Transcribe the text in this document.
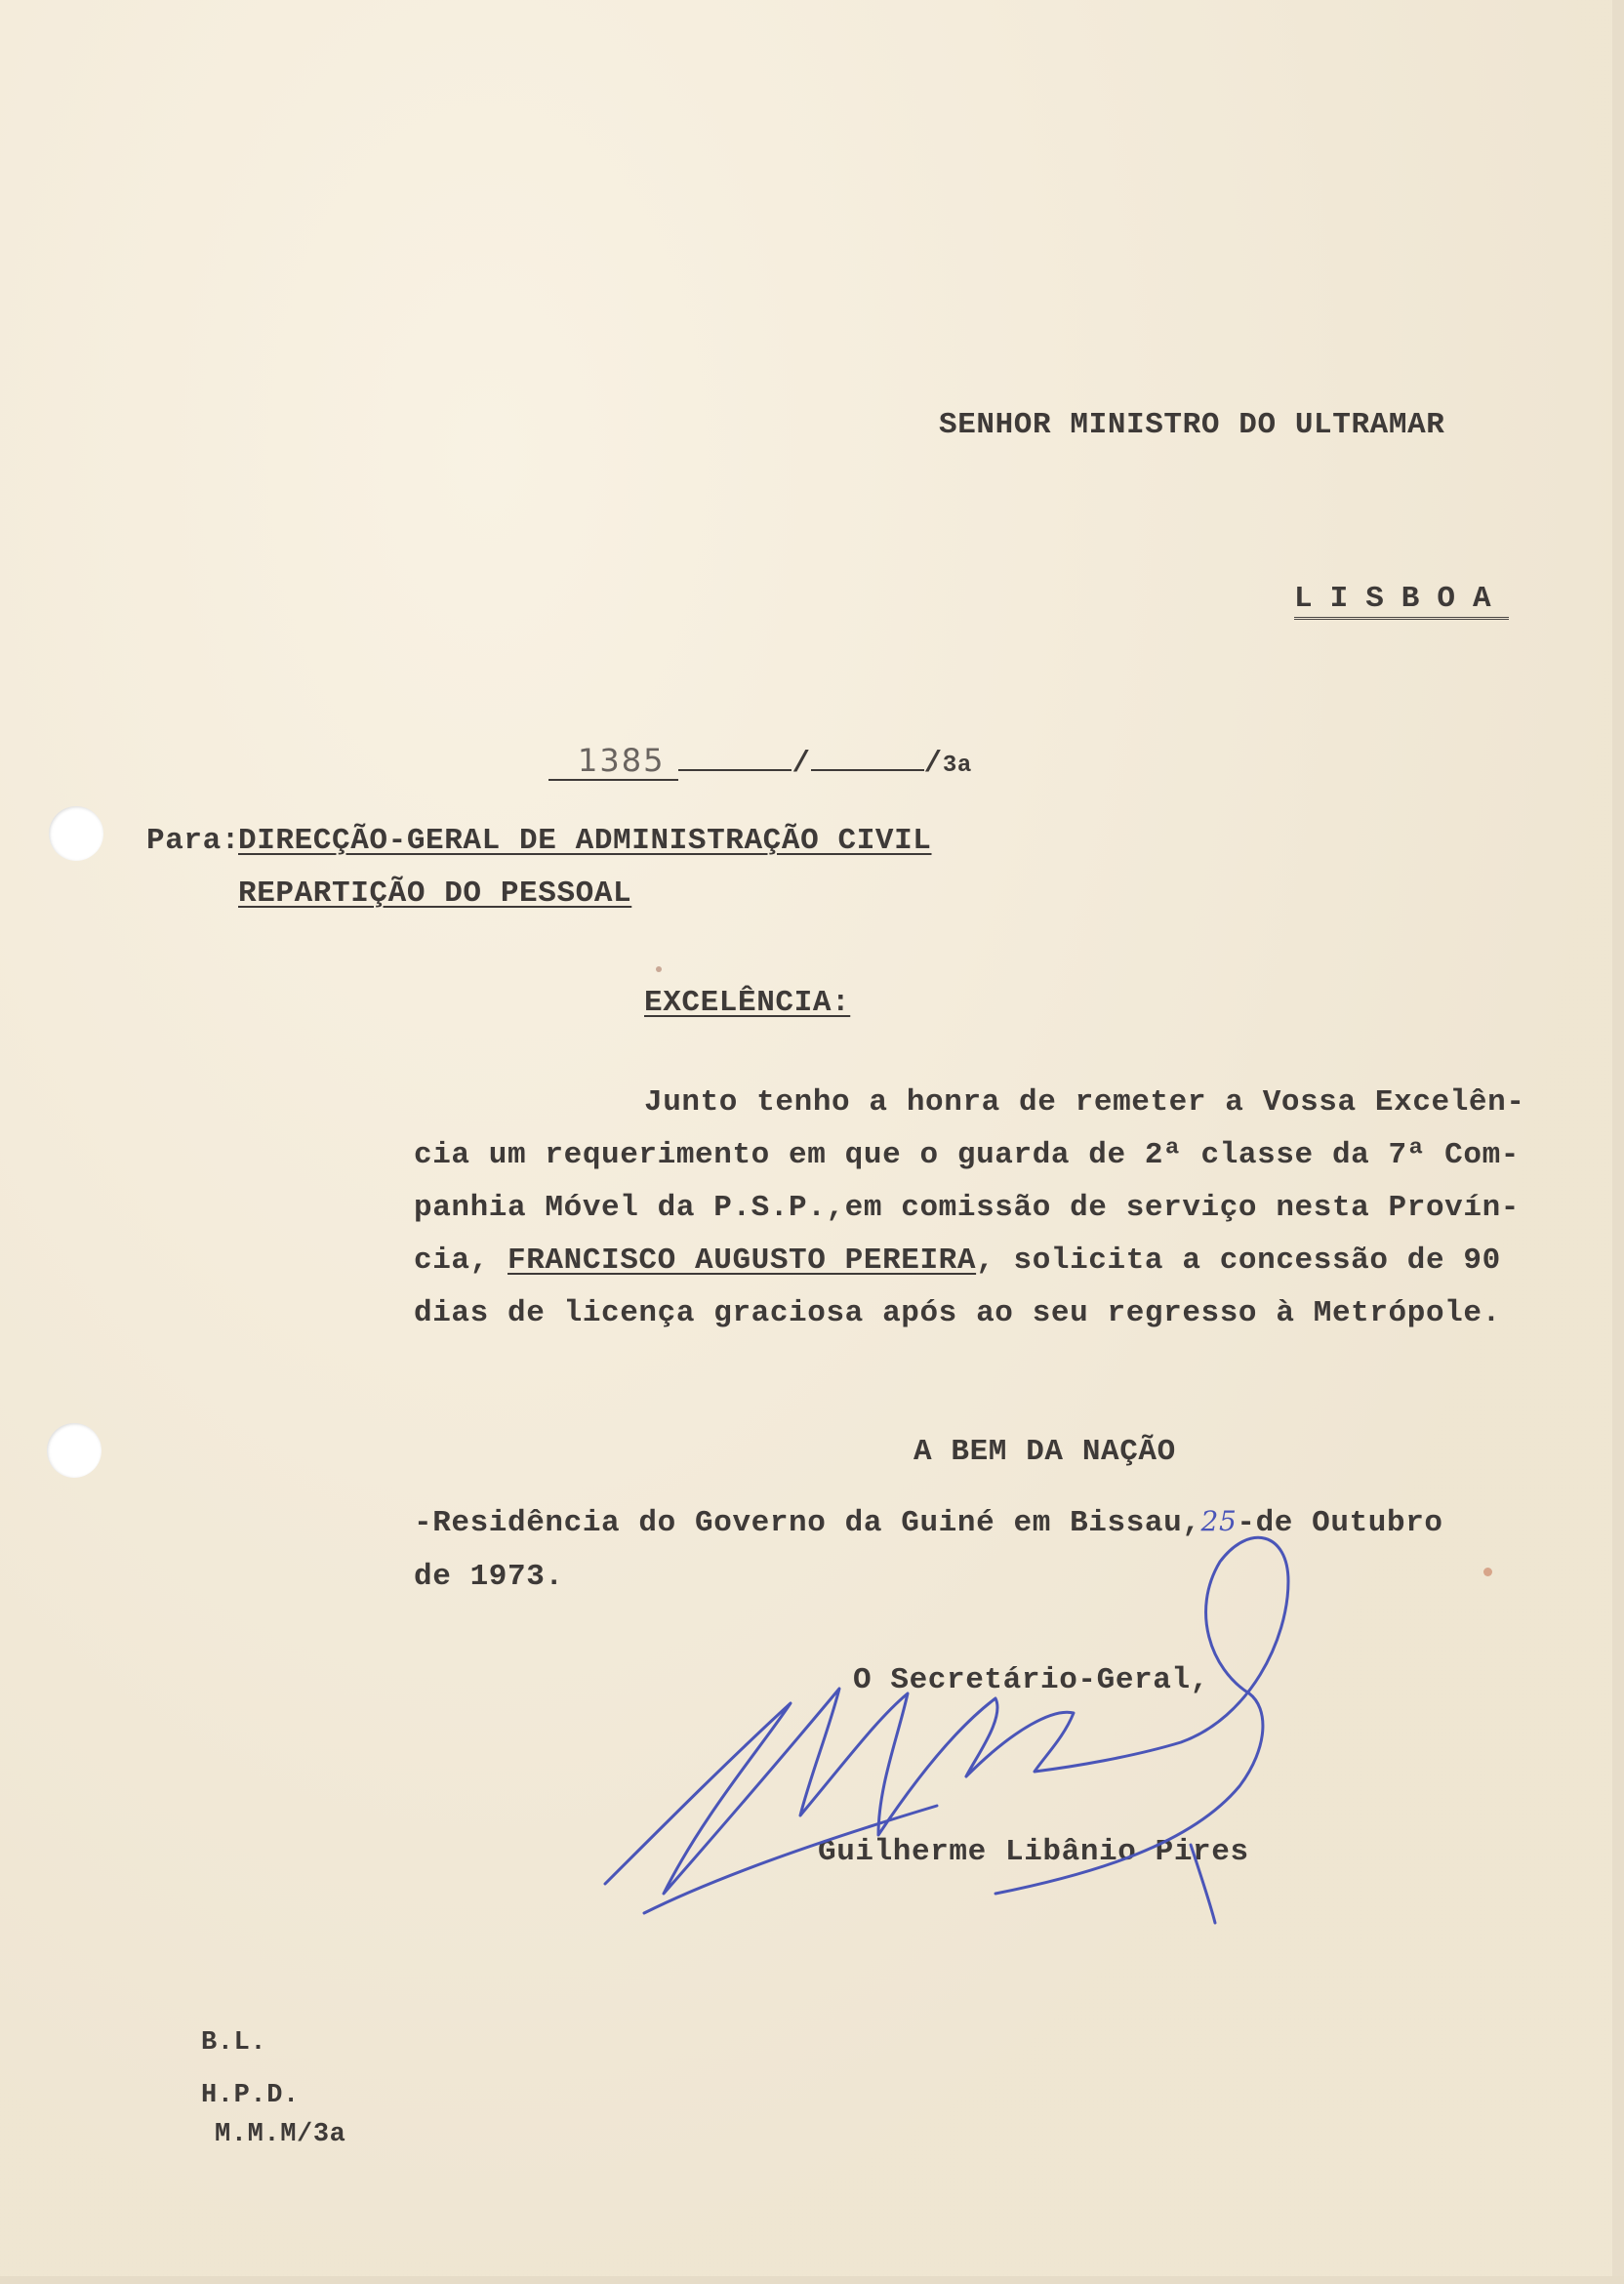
SENHOR MINISTRO DO ULTRAMAR
LISBOA
1385	/	/3a
Para:
DIRECÇÃO-GERAL DE ADMINISTRAÇÃO CIVIL
REPARTIÇÃO DO PESSOAL
EXCELÊNCIA:
Junto tenho a honra de remeter a Vossa Excelên-
cia um requerimento em que o guarda de 2ª classe da 7ª Com-
panhia Móvel da P.S.P.,em comissão de serviço nesta Provín-
cia, FRANCISCO AUGUSTO PEREIRA, solicita a concessão de 90
dias de licença graciosa após ao seu regresso à Metrópole.
A BEM DA NAÇÃO
-Residência do Governo da Guiné em Bissau,25-de Outubro
de 1973.
O Secretário-Geral,
Guilherme Libânio Pires
B.L.
H.P.D.
M.M.M/3a
